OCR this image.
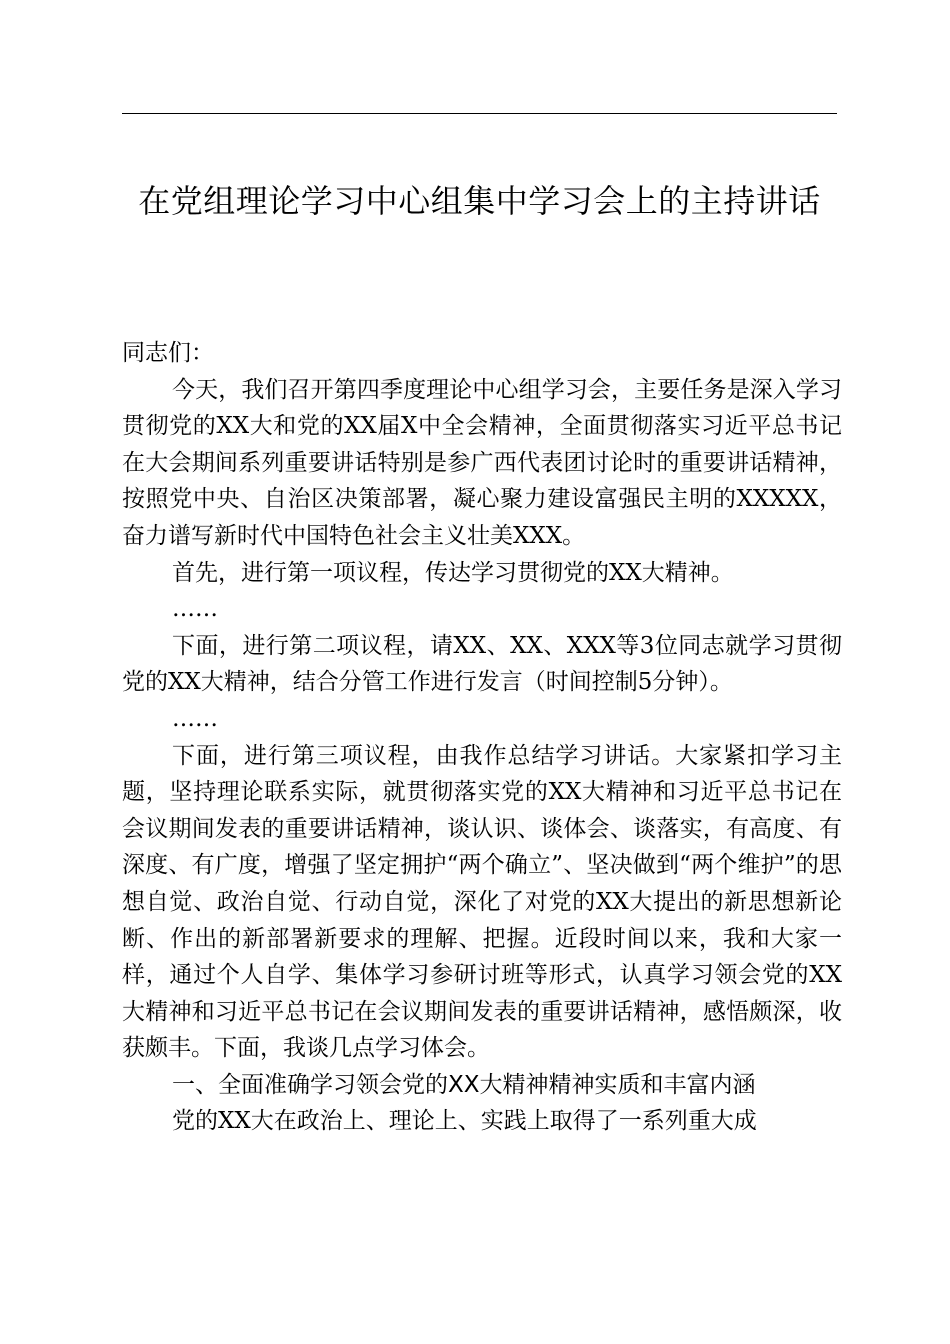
在党组理论学习中心组集中学习会上的主持讲话

同志们：

今天，我们召开第四季度理论中心组学习会，主要任务是深入学习贯彻党的XX大和党的XX届X中全会精神，全面贯彻落实习近平总书记在大会期间系列重要讲话特别是参广西代表团讨论时的重要讲话精神，按照党中央、自治区决策部署，凝心聚力建设富强民主明的XXXXX，奋力谱写新时代中国特色社会主义壮美XXX。

首先，进行第一项议程，传达学习贯彻党的XX大精神。

……

下面，进行第二项议程，请XX、XX、XXX等3位同志就学习贯彻党的XX大精神，结合分管工作进行发言（时间控制5分钟）。

……

下面，进行第三项议程，由我作总结学习讲话。大家紧扣学习主题，坚持理论联系实际，就贯彻落实党的XX大精神和习近平总书记在会议期间发表的重要讲话精神，谈认识、谈体会、谈落实，有高度、有深度、有广度，增强了坚定拥护“两个确立”、坚决做到“两个维护”的思想自觉、政治自觉、行动自觉，深化了对党的XX大提出的新思想新论断、作出的新部署新要求的理解、把握。近段时间以来，我和大家一样，通过个人自学、集体学习参研讨班等形式，认真学习领会党的XX大精神和习近平总书记在会议期间发表的重要讲话精神，感悟颇深，收获颇丰。下面，我谈几点学习体会。

一、全面准确学习领会党的XX大精神精神实质和丰富内涵

党的XX大在政治上、理论上、实践上取得了一系列重大成
